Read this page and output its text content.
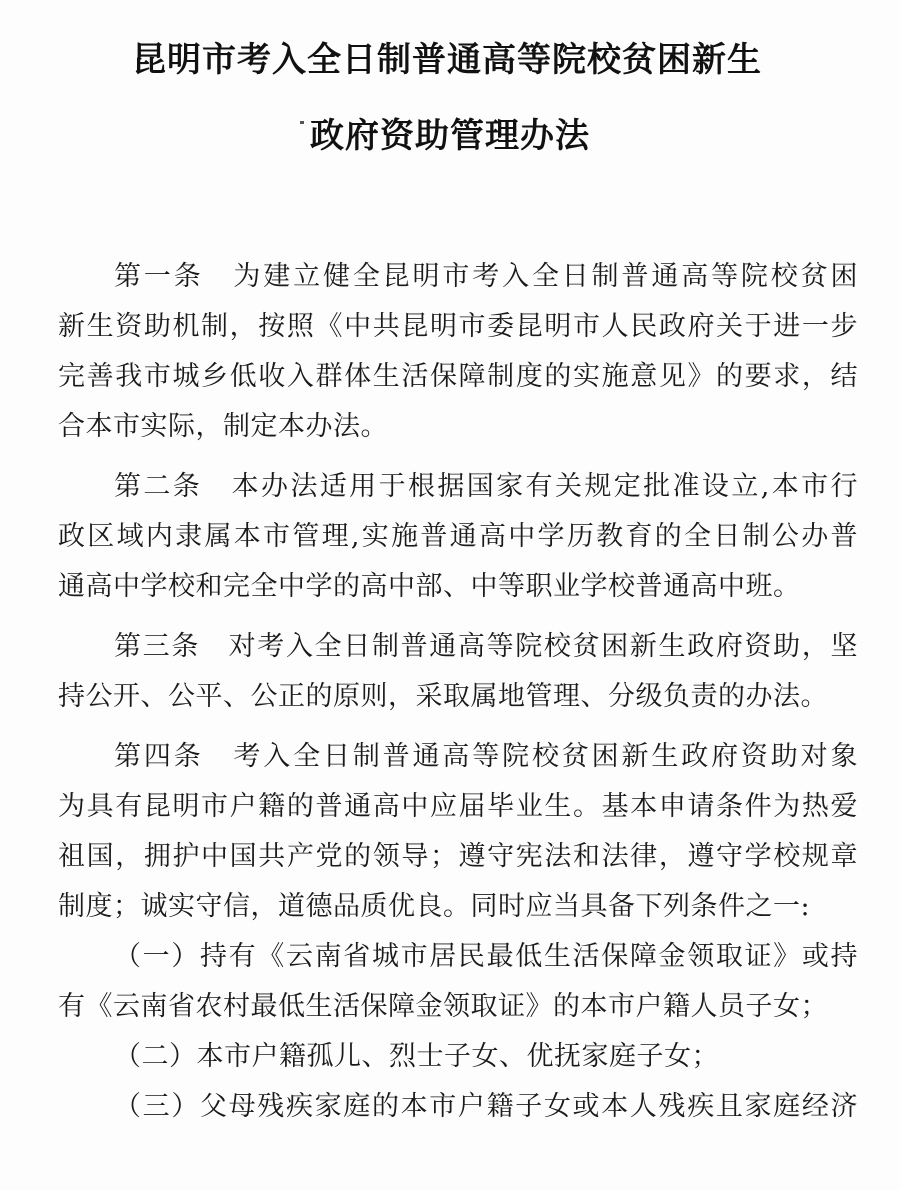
昆明市考入全日制普通高等院校贫困新生
政府资助管理办法
第一条　为建立健全昆明市考入全日制普通高等院校贫困
新生资助机制，按照《中共昆明市委昆明市人民政府关于进一步
完善我市城乡低收入群体生活保障制度的实施意见》的要求，结
合本市实际，制定本办法。
第二条　本办法适用于根据国家有关规定批准设立,本市行
政区域内隶属本市管理,实施普通高中学历教育的全日制公办普
通高中学校和完全中学的高中部、中等职业学校普通高中班。
第三条　对考入全日制普通高等院校贫困新生政府资助，坚
持公开、公平、公正的原则，采取属地管理、分级负责的办法。
第四条　考入全日制普通高等院校贫困新生政府资助对象
为具有昆明市户籍的普通高中应届毕业生。基本申请条件为热爱
祖国，拥护中国共产党的领导；遵守宪法和法律，遵守学校规章
制度；诚实守信，道德品质优良。同时应当具备下列条件之一:
（一）持有《云南省城市居民最低生活保障金领取证》或持
有《云南省农村最低生活保障金领取证》的本市户籍人员子女；
（二）本市户籍孤儿、烈士子女、优抚家庭子女；
（三）父母残疾家庭的本市户籍子女或本人残疾且家庭经济
